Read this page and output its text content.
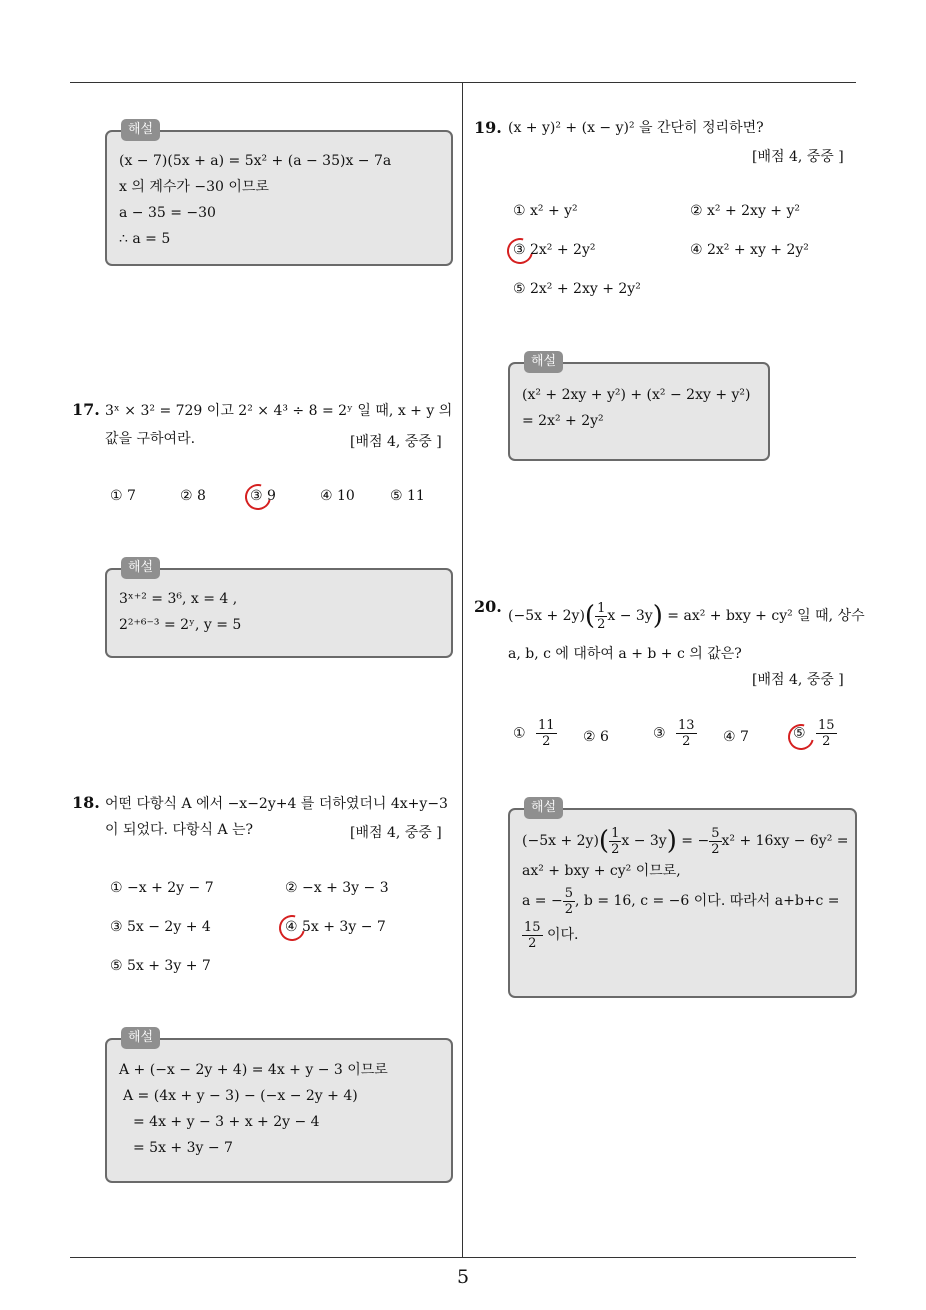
해설
(x − 7)(5x + a) = 5x² + (a − 35)x − 7a
x 의 계수가 −30 이므로
a − 35 = −30
∴ a = 5
17. 3ˣ × 3² = 729 이고 2² × 4³ ÷ 8 = 2ʸ 일 때, x + y 의
값을 구하여라.	[배점 4, 중중 ]
① 7	② 8	③ 9	④ 10	⑤ 11
해설
3ˣ⁺² = 3⁶, x = 4 ,
2²⁺⁶⁻³ = 2ʸ, y = 5
18. 어떤 다항식 A 에서 −x−2y+4 를 더하였더니 4x+y−3
이 되었다. 다항식 A 는?	[배점 4, 중중 ]
① −x + 2y − 7	② −x + 3y − 3
③ 5x − 2y + 4	④ 5x + 3y − 7
⑤ 5x + 3y + 7
해설
A + (−x − 2y + 4) = 4x + y − 3 이므로
A = (4x + y − 3) − (−x − 2y + 4)
= 4x + y − 3 + x + 2y − 4
= 5x + 3y − 7
19. (x + y)² + (x − y)² 을 간단히 정리하면?
[배점 4, 중중 ]
① x² + y²	② x² + 2xy + y²
③ 2x² + 2y²	④ 2x² + xy + 2y²
⑤ 2x² + 2xy + 2y²
해설
(x² + 2xy + y²) + (x² − 2xy + y²)
= 2x² + 2y²
20. $(-5x + 2y)( \frac{1}{2}$ x − 3y) = ax² + bxy + cy² 일 때, 상수
a, b, c 에 대하여 a + b + c 의 값은?
[배점 4, 중중 ]
① $\frac{11}{2}$ ② 6	③ $\frac{13}{2}$ ④ 7	⑤ $\frac{15}{2}$
해설
$(-5x + 2y)( \frac{1}{2}$ x − 3y) = − $\frac{5}{2} x^2 + 16xy - 6y^2$ =
ax² + bxy + cy² 이므로,
a = − $\frac{5}{2}$ , b = 16, c = −6 이다. 따라서 a+b+c =
$\frac{15}{2}$ 이다.
5
